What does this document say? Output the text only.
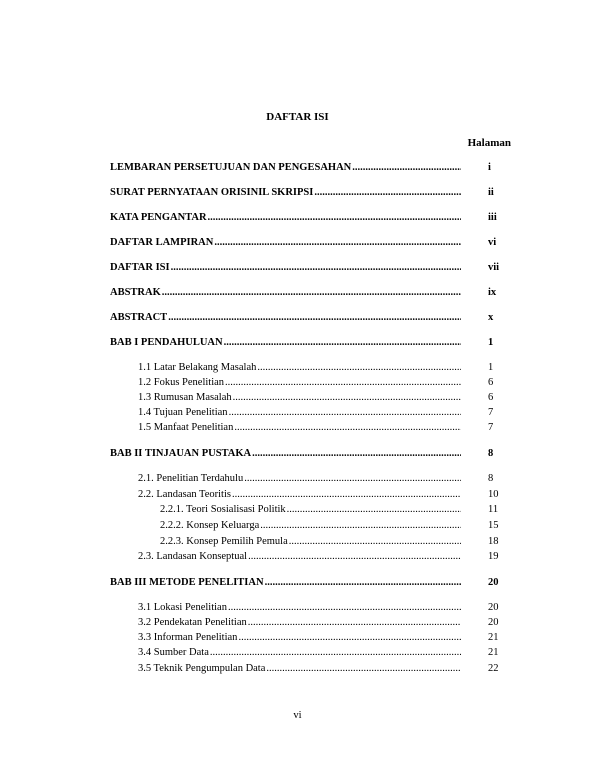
DAFTAR ISI
Halaman
LEMBARAN PERSETUJUAN DAN PENGESAHAN .....	i
SURAT PERNYATAAN ORISINIL SKRIPSI .....	ii
KATA PENGANTAR .....	iii
DAFTAR LAMPIRAN .....	vi
DAFTAR ISI .....	vii
ABSTRAK .....	ix
ABSTRACT .....	x
BAB I PENDAHULUAN .....	1
1.1 Latar Belakang Masalah .....	1
1.2 Fokus Penelitian .....	6
1.3 Rumusan Masalah .....	6
1.4 Tujuan Penelitian .....	7
1.5 Manfaat Penelitian .....	7
BAB II TINJAUAN PUSTAKA .....	8
2.1. Penelitian Terdahulu .....	8
2.2. Landasan Teoritis .....	10
2.2.1. Teori Sosialisasi Politik .....	11
2.2.2. Konsep Keluarga .....	15
2.2.3. Konsep Pemilih Pemula .....	18
2.3. Landasan Konseptual .....	19
BAB III METODE PENELITIAN .....	20
3.1 Lokasi Penelitian .....	20
3.2 Pendekatan Penelitian .....	20
3.3 Informan Penelitian .....	21
3.4 Sumber Data .....	21
3.5 Teknik Pengumpulan Data .....	22
vi
